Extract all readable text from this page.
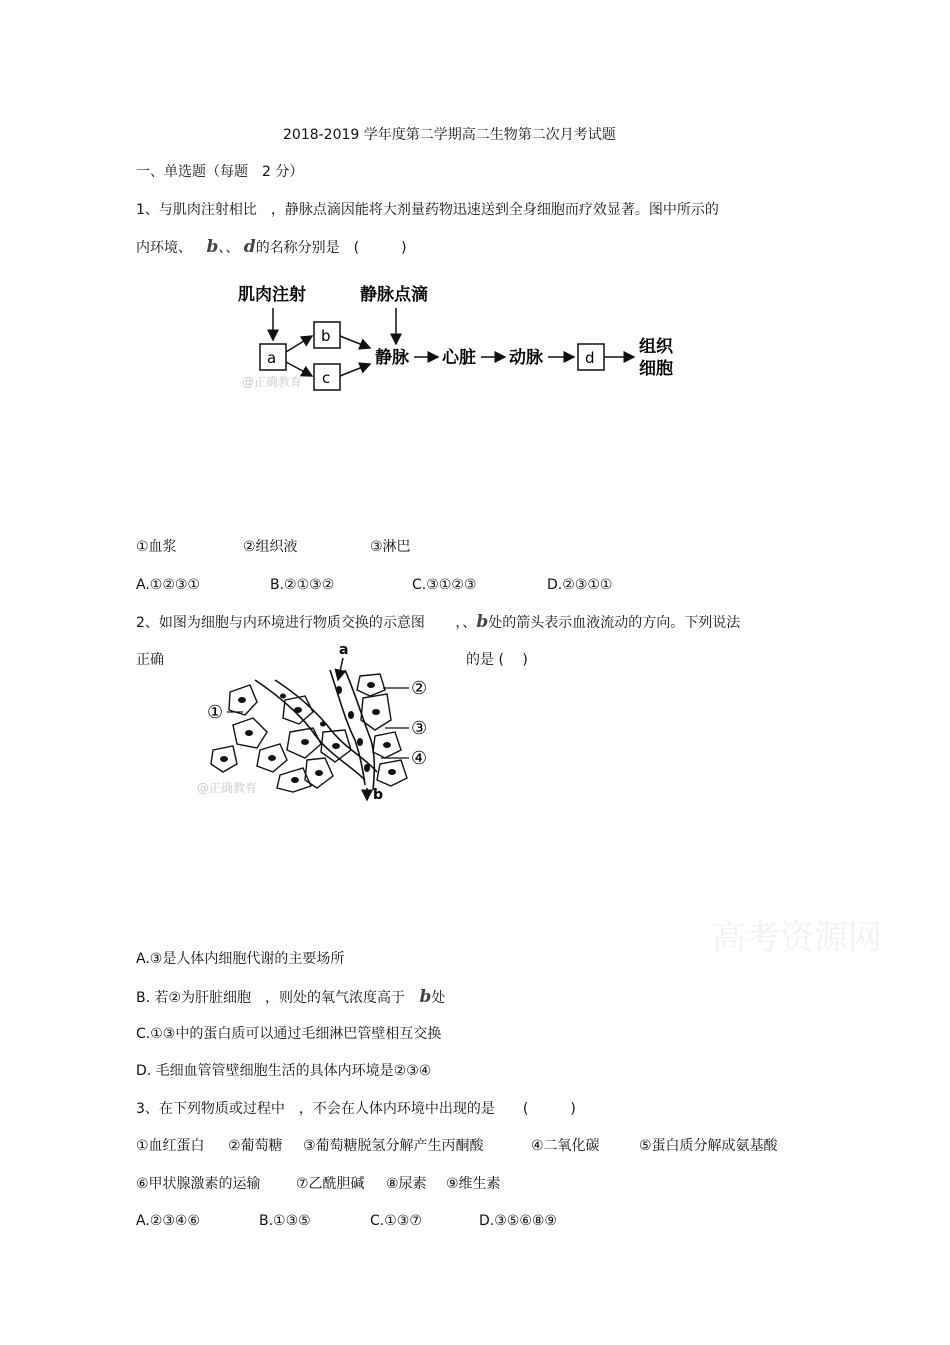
2018-2019 学年度第二学期高二生物第二次月考试题
一、单选题（每题　2 分）
1、与肌肉注射相比　，静脉点滴因能将大剂量药物迅速送到全身细胞而疗效显著。图中所示的
内环境、 b、、 d的名称分别是　(　　　)
肌肉注射	静脉点滴
a
b
c
静脉 心脏 动脉	d
组织
细胞
@正确教育
①血浆	②组织液	③淋巴
A.①②③①	B.②①③②	C.③①②③	D.②③①①
2、如图为细胞与内环境进行物质交换的示意图 ，、b处的箭头表示血液流动的方向。下列说法
正确	的是 (　 )
a
b
①
②
③
④
@正确教育
高考资源网
A.③是人体内细胞代谢的主要场所
B. 若②为肝脏细胞　，则处的氧气浓度高于 b处
C.①③中的蛋白质可以通过毛细淋巴管壁相互交换
D. 毛细血管管壁细胞生活的具体内环境是②③④
3、在下列物质或过程中　，不会在人体内环境中出现的是　　(　　　)
①血红蛋白 ②葡萄糖 ③葡萄糖脱氢分解产生丙酮酸	④二氧化碳	⑤蛋白质分解成氨基酸
⑥甲状腺激素的运输	⑦乙酰胆碱 ⑧尿素 ⑨维生素
A.②③④⑥	B.①③⑤	C.①③⑦	D.③⑤⑥⑧⑨
